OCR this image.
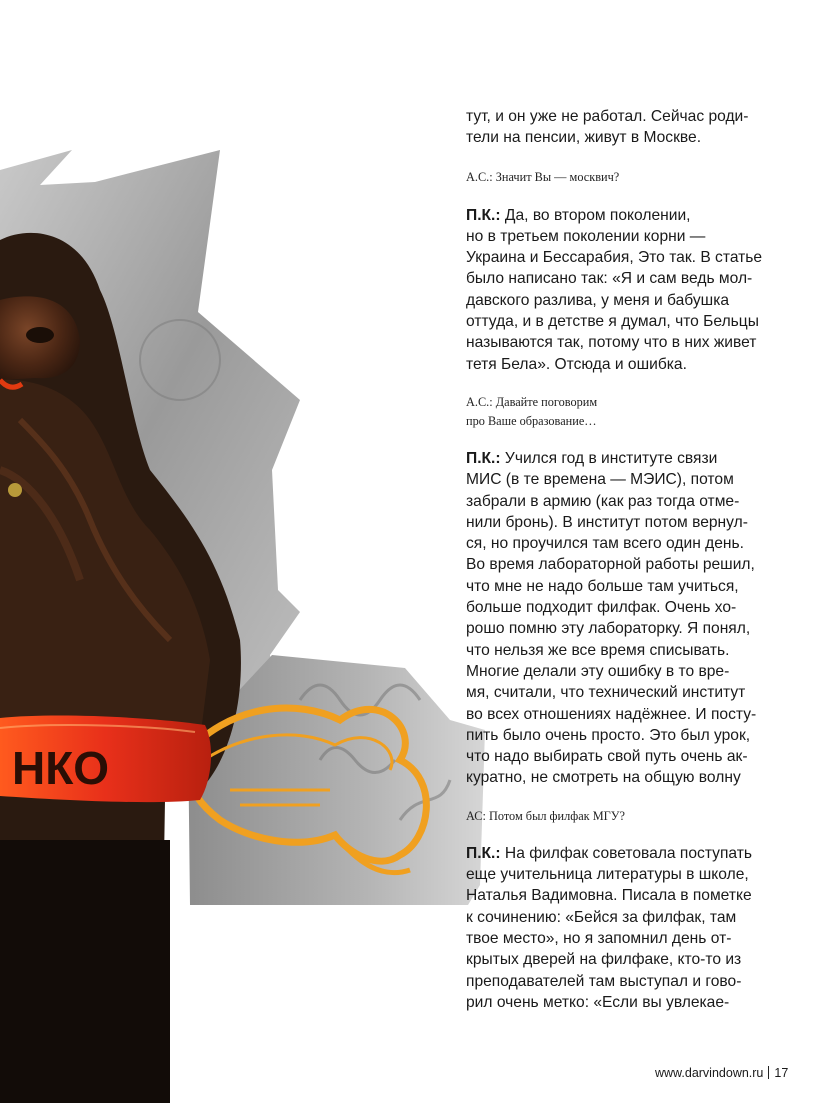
НКО

тут, и он уже не работал. Сейчас роди-

тели на пенсии, живут в Москве.

А.С.: Значит Вы — москвич?

П.К.: Да, во втором поколении,

но в третьем поколении корни —

Украина и Бессарабия, Это так. В статье

было написано так: «Я и сам ведь мол-

давского разлива, у меня и бабушка

оттуда, и в детстве я думал, что Бельцы

называются так, потому что в них живет

тетя Бела». Отсюда и ошибка.

А.С.: Давайте поговорим

про Ваше образование…

П.К.: Учился год в институте связи

МИС (в те времена — МЭИС), потом

забрали в армию (как раз тогда отме-

нили бронь). В институт потом вернул-

ся, но проучился там всего один день.

Во время лабораторной работы решил,

что мне не надо больше там учиться,

больше подходит филфак. Очень хо-

рошо помню эту лабораторку. Я понял,

что нельзя же все время списывать.

Многие делали эту ошибку в то вре-

мя, считали, что технический институт

во всех отношениях надёжнее. И посту-

пить было очень просто. Это был урок,

что надо выбирать свой путь очень ак-

куратно, не смотреть на общую волну

АС: Потом был филфак МГУ?

П.К.: На филфак советовала поступать

еще учительница литературы в школе,

Наталья Вадимовна. Писала в пометке

к сочинению: «Бейся за филфак, там

твое место», но я запомнил день от-

крытых дверей на филфаке, кто-то из

преподавателей там выступал и гово-

рил очень метко: «Если вы увлекае-

www.darvindown.ru 17
